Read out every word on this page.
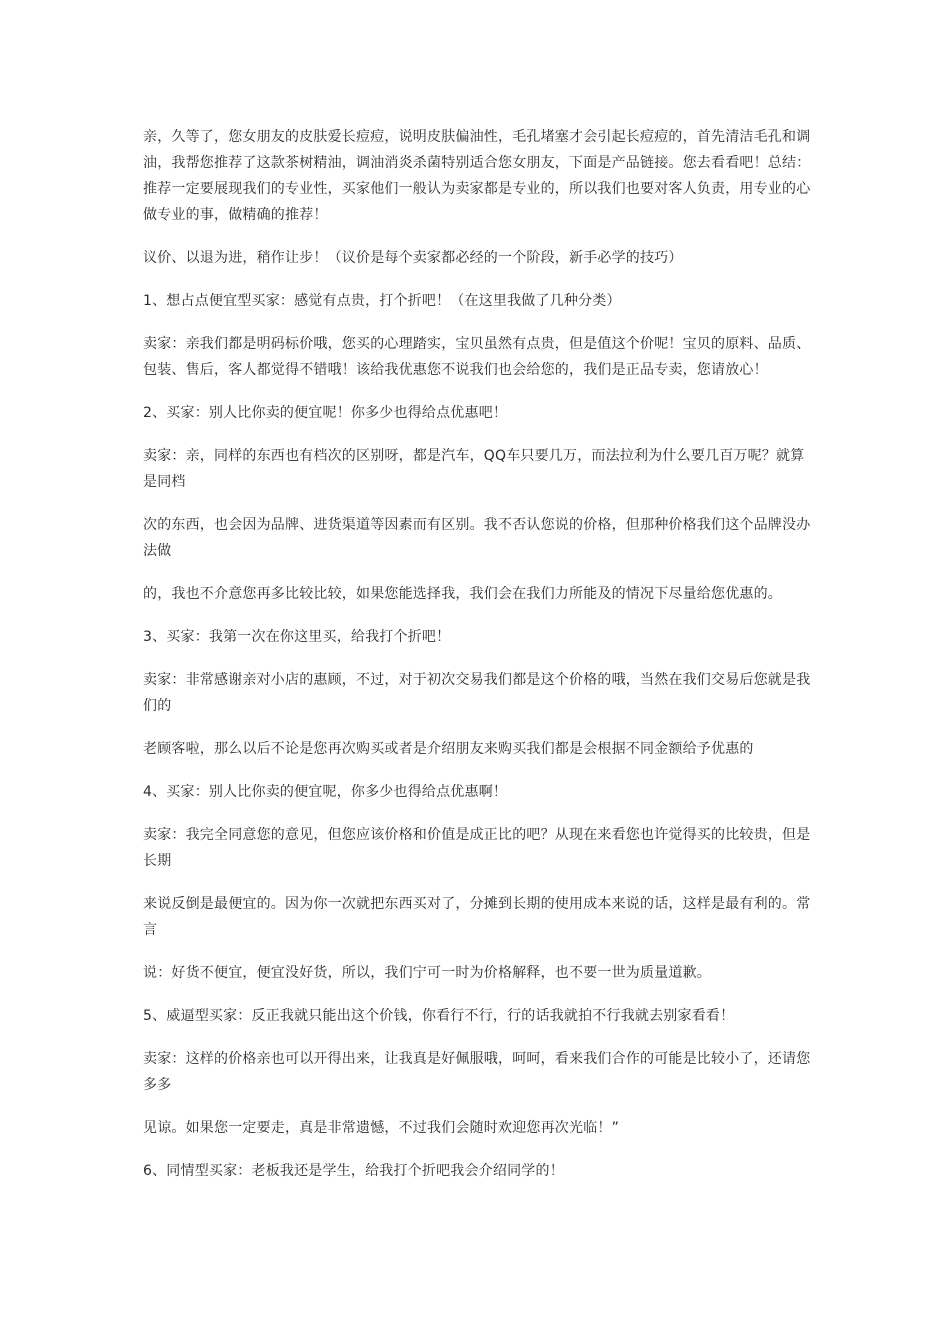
亲，久等了，您女朋友的皮肤爱长痘痘，说明皮肤偏油性，毛孔堵塞才会引起长痘痘的，首先清洁毛孔和调油，我帮您推荐了这款茶树精油，调油消炎杀菌特别适合您女朋友，下面是产品链接。您去看看吧！总结：推荐一定要展现我们的专业性，买家他们一般认为卖家都是专业的，所以我们也要对客人负责，用专业的心做专业的事，做精确的推荐！

议价、以退为进，稍作让步！（议价是每个卖家都必经的一个阶段，新手必学的技巧）

1、想占点便宜型买家：感觉有点贵，打个折吧！（在这里我做了几种分类）

卖家：亲我们都是明码标价哦，您买的心理踏实，宝贝虽然有点贵，但是值这个价呢！宝贝的原料、品质、包装、售后，客人都觉得不错哦！该给我优惠您不说我们也会给您的，我们是正品专卖，您请放心！

2、买家：别人比你卖的便宜呢！你多少也得给点优惠吧！

卖家：亲，同样的东西也有档次的区别呀，都是汽车，QQ车只要几万，而法拉利为什么要几百万呢？就算是同档

次的东西，也会因为品牌、进货渠道等因素而有区别。我不否认您说的价格，但那种价格我们这个品牌没办法做

的，我也不介意您再多比较比较，如果您能选择我，我们会在我们力所能及的情况下尽量给您优惠的。

3、买家：我第一次在你这里买，给我打个折吧！

卖家：非常感谢亲对小店的惠顾，不过，对于初次交易我们都是这个价格的哦，当然在我们交易后您就是我们的

老顾客啦，那么以后不论是您再次购买或者是介绍朋友来购买我们都是会根据不同金额给予优惠的

4、买家：别人比你卖的便宜呢，你多少也得给点优惠啊！

卖家：我完全同意您的意见，但您应该价格和价值是成正比的吧？从现在来看您也许觉得买的比较贵，但是长期

来说反倒是最便宜的。因为你一次就把东西买对了，分摊到长期的使用成本来说的话，这样是最有利的。常言

说：好货不便宜，便宜没好货，所以，我们宁可一时为价格解释，也不要一世为质量道歉。

5、威逼型买家：反正我就只能出这个价钱，你看行不行，行的话我就拍不行我就去别家看看！

卖家：这样的价格亲也可以开得出来，让我真是好佩服哦，呵呵，看来我们合作的可能是比较小了，还请您多多

见谅。如果您一定要走，真是非常遗憾，不过我们会随时欢迎您再次光临！”

6、同情型买家：老板我还是学生，给我打个折吧我会介绍同学的！
